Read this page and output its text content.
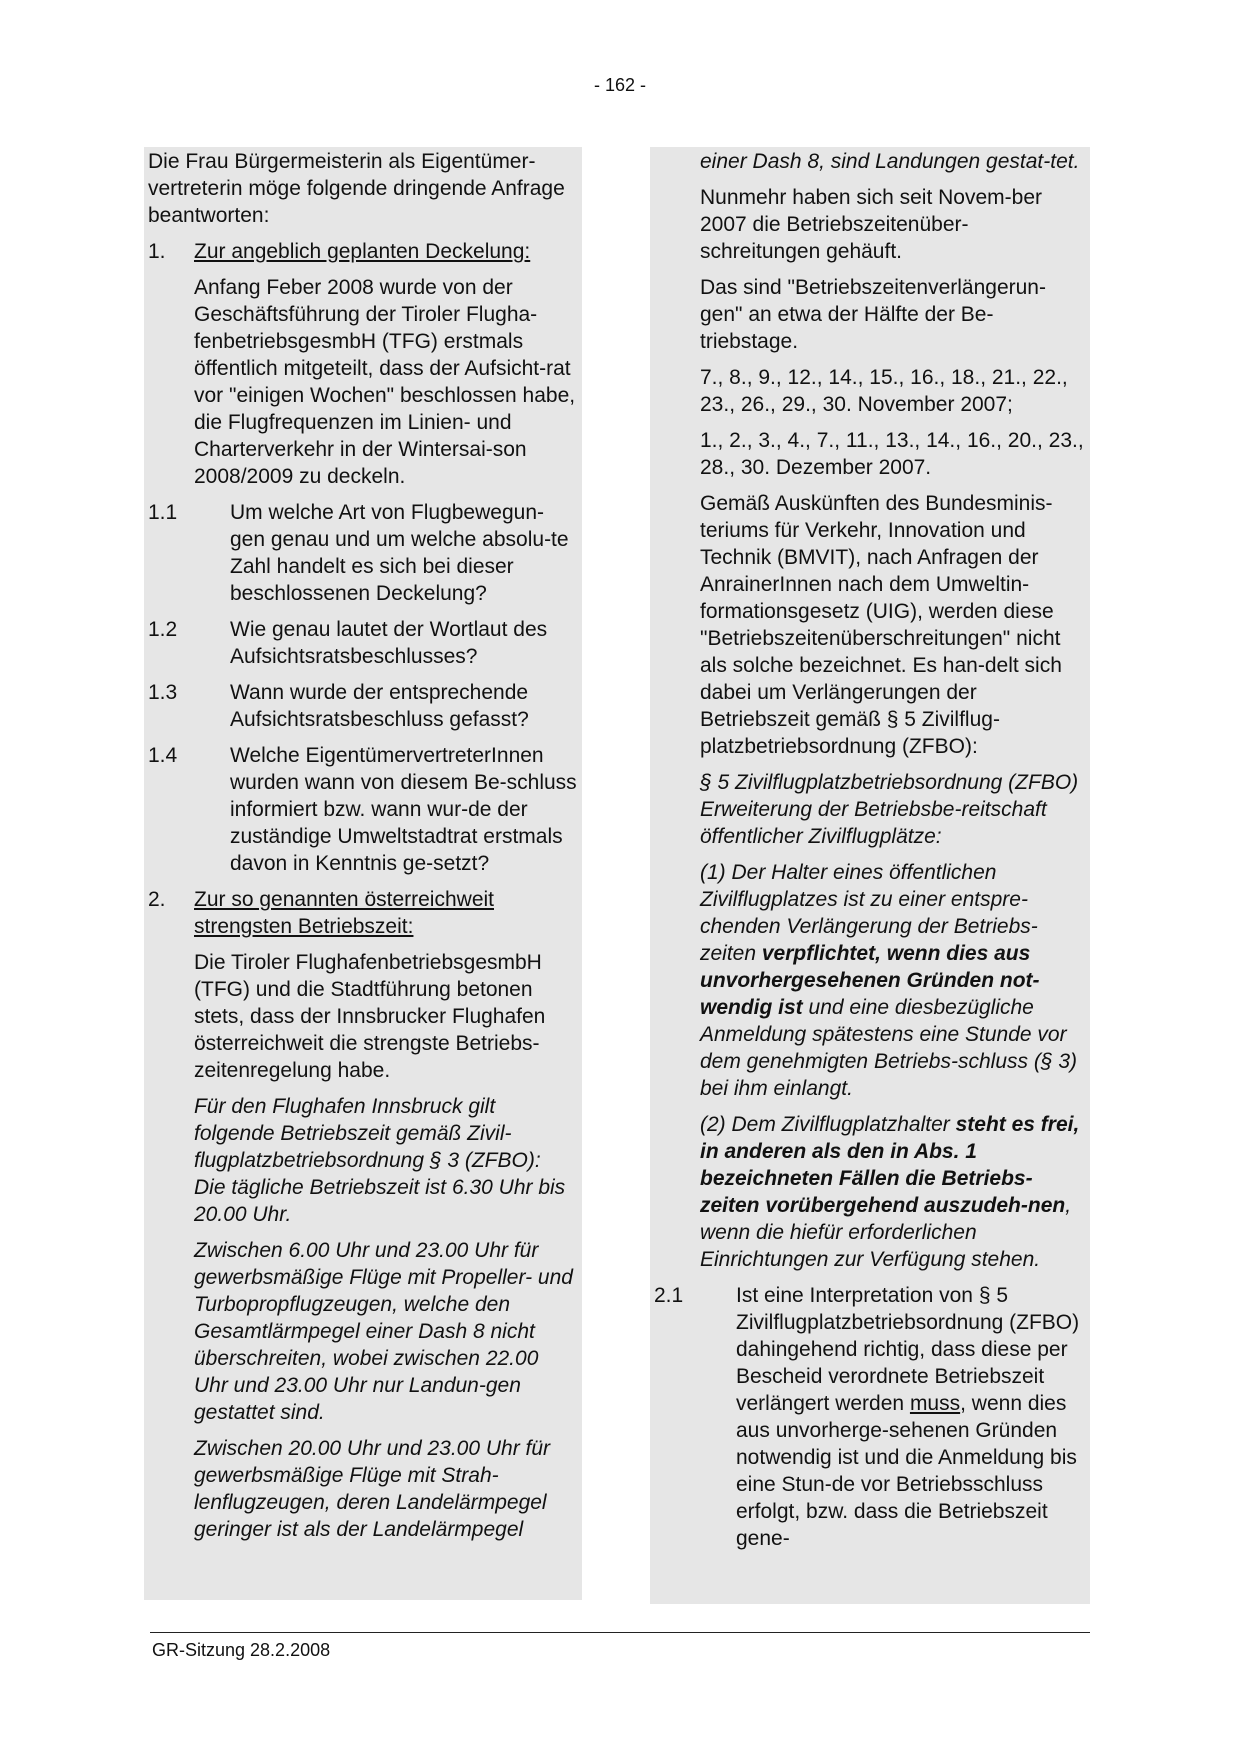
- 162 -

Die Frau Bürgermeisterin als Eigentümer-vertreterin möge folgende dringende Anfrage beantworten:

1.	Zur angeblich geplanten Deckelung:

Anfang Feber 2008 wurde von der Geschäftsführung der Tiroler Flugha-fenbetriebsgesmbH (TFG) erstmals öffentlich mitgeteilt, dass der Aufsicht-rat vor "einigen Wochen" beschlossen habe, die Flugfrequenzen im Linien- und Charterverkehr in der Wintersai-son 2008/2009 zu deckeln.

1.1	Um welche Art von Flugbewegun-gen genau und um welche absolu-te Zahl handelt es sich bei dieser beschlossenen Deckelung?
1.2	Wie genau lautet der Wortlaut des Aufsichtsratsbeschlusses?
1.3	Wann wurde der entsprechende Aufsichtsratsbeschluss gefasst?
1.4	Welche EigentümervertreterInnen wurden wann von diesem Be-schluss informiert bzw. wann wur-de der zuständige Umweltstadtrat erstmals davon in Kenntnis ge-setzt?
2.	Zur so genannten österreichweit strengsten Betriebszeit:

Die Tiroler FlughafenbetriebsgesmbH (TFG) und die Stadtführung betonen stets, dass der Innsbrucker Flughafen österreichweit die strengste Betriebs-zeitenregelung habe.

Für den Flughafen Innsbruck gilt folgende Betriebszeit gemäß Zivil-flugplatzbetriebsordnung § 3 (ZFBO): Die tägliche Betriebszeit ist 6.30 Uhr bis 20.00 Uhr.

Zwischen 6.00 Uhr und 23.00 Uhr für gewerbsmäßige Flüge mit Propeller- und Turbopropflugzeugen, welche den Gesamtlärmpegel einer Dash 8 nicht überschreiten, wobei zwischen 22.00 Uhr und 23.00 Uhr nur Landun-gen gestattet sind.

Zwischen 20.00 Uhr und 23.00 Uhr für gewerbsmäßige Flüge mit Strah-lenflugzeugen, deren Landelärmpegel geringer ist als der Landelärmpegel

einer Dash 8, sind Landungen gestat-tet.

Nunmehr haben sich seit Novem-ber 2007 die Betriebszeitenüber-schreitungen gehäuft.

Das sind "Betriebszeitenverlängerun-gen" an etwa der Hälfte der Be-triebstage.

7., 8., 9., 12., 14., 15., 16., 18., 21., 22., 23., 26., 29., 30. November 2007;

1., 2., 3., 4., 7., 11., 13., 14., 16., 20., 23., 28., 30. Dezember 2007.

Gemäß Auskünften des Bundesminis-teriums für Verkehr, Innovation und Technik (BMVIT), nach Anfragen der AnrainerInnen nach dem Umweltin-formationsgesetz (UIG), werden diese "Betriebszeitenüberschreitungen" nicht als solche bezeichnet. Es han-delt sich dabei um Verlängerungen der Betriebszeit gemäß § 5 Zivilflug-platzbetriebsordnung (ZFBO):

§ 5 Zivilflugplatzbetriebsordnung (ZFBO) Erweiterung der Betriebsbe-reitschaft öffentlicher Zivilflugplätze:

(1) Der Halter eines öffentlichen Zivilflugplatzes ist zu einer entspre-chenden Verlängerung der Betriebs-zeiten verpflichtet, wenn dies aus unvorhergesehenen Gründen not-wendig ist und eine diesbezügliche Anmeldung spätestens eine Stunde vor dem genehmigten Betriebs-schluss (§ 3) bei ihm einlangt.

(2) Dem Zivilflugplatzhalter steht es frei, in anderen als den in Abs. 1 bezeichneten Fällen die Betriebs-zeiten vorübergehend auszudeh-nen, wenn die hiefür erforderlichen Einrichtungen zur Verfügung stehen.

2.1	Ist eine Interpretation von § 5 Zivilflugplatzbetriebsordnung (ZFBO) dahingehend richtig, dass diese per Bescheid verordnete Betriebszeit verlängert werden muss, wenn dies aus unvorherge-sehenen Gründen notwendig ist und die Anmeldung bis eine Stun-de vor Betriebsschluss erfolgt, bzw. dass die Betriebszeit gene-
GR-Sitzung 28.2.2008
